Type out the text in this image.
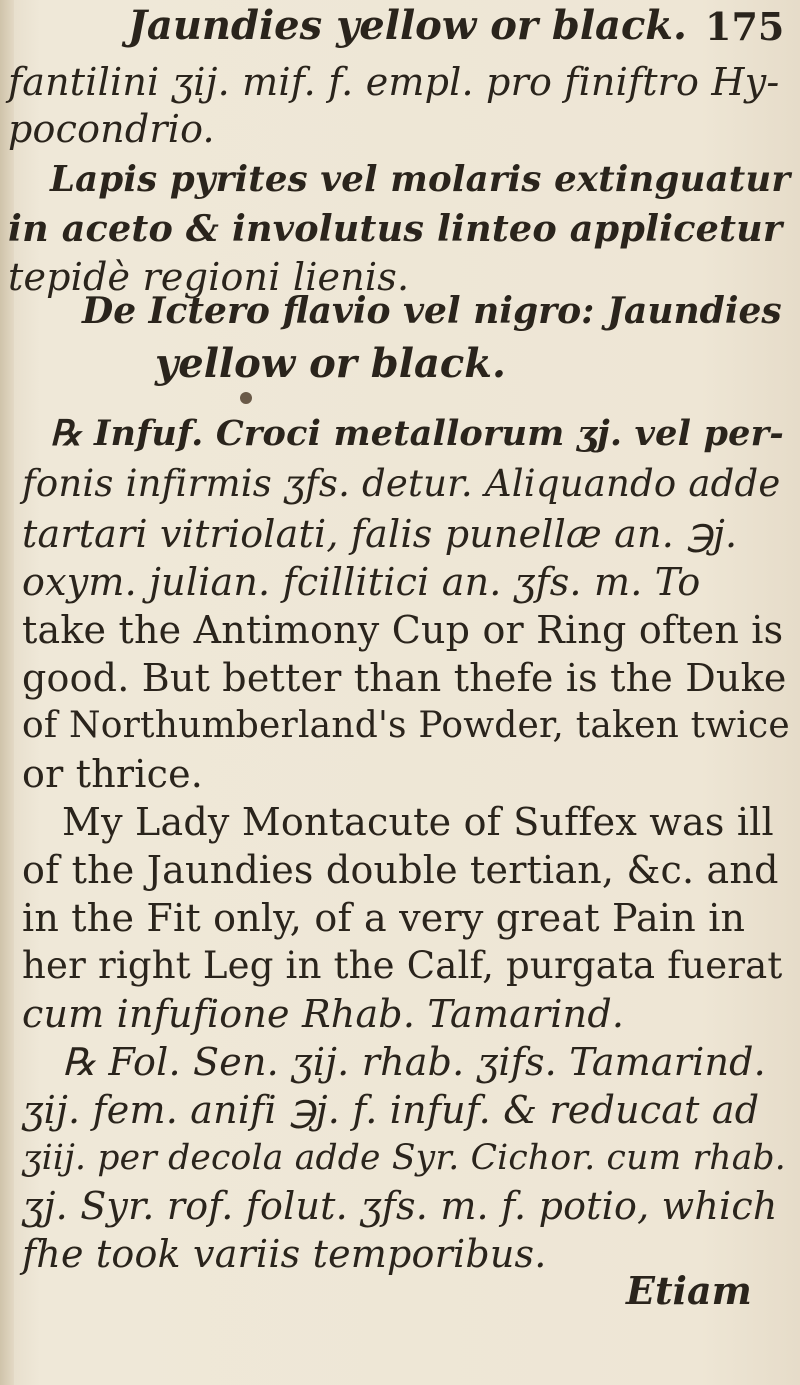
Jaundies yellow or black. 175
fantilini ʒij. mif. f. empl. pro finiftro Hy-
pocondrio.
Lapis pyrites vel molaris extinguatur
in aceto & involutus linteo applicetur
tepidè regioni lienis.
De Ictero flavio vel nigro: Jaundies
yellow or black.
℞ Infuf. Croci metallorum ʒj. vel per-
fonis infirmis ʒfs. detur. Aliquando adde
tartari vitriolati, falis punellæ an. ℈j.
oxym. julian. fcillitici an. ʒfs. m. To
take the Antimony Cup or Ring often is
good. But better than thefe is the Duke
of Northumberland's Powder, taken twice
or thrice.
My Lady Montacute of Suffex was ill
of the Jaundies double tertian, &c. and
in the Fit only, of a very great Pain in
her right Leg in the Calf, purgata fuerat
cum infufione Rhab. Tamarind.
℞ Fol. Sen. ʒij. rhab. ʒifs. Tamarind.
ʒij. fem. anifi ℈j. f. infuf. & reducat ad
ʒiij. per decola adde Syr. Cichor. cum rhab.
ʒj. Syr. rof. folut. ʒfs. m. f. potio, which
fhe took variis temporibus.
Etiam
